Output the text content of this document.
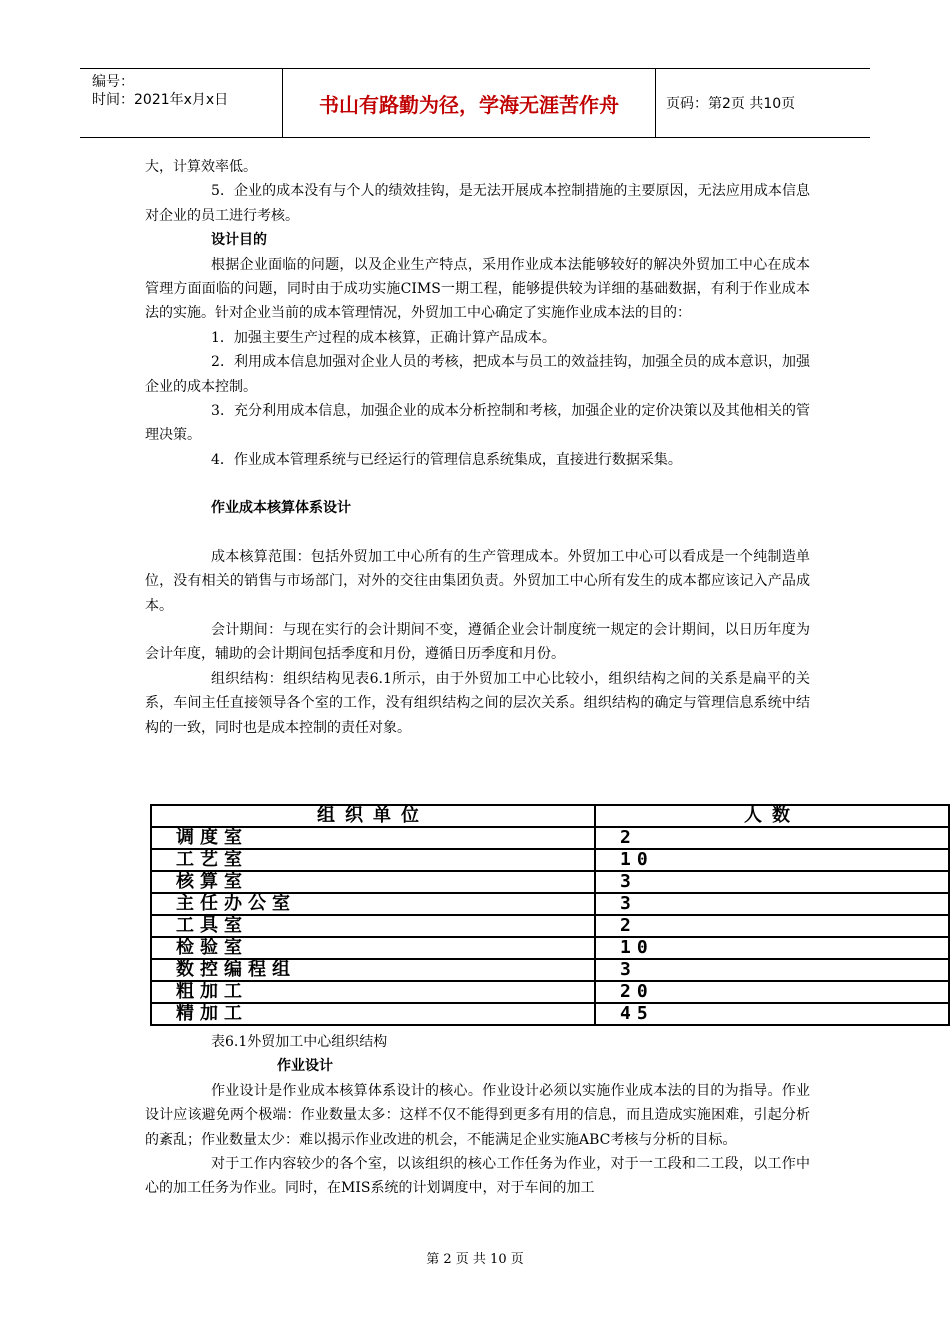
编号：
时间：2021年x月x日	书山有路勤为径，学海无涯苦作舟	页码：第2页 共10页

大，计算效率低。

5．企业的成本没有与个人的绩效挂钩，是无法开展成本控制措施的主要原因，无法应用成本信息对企业的员工进行考核。

设计目的

根据企业面临的问题，以及企业生产特点，采用作业成本法能够较好的解决外贸加工中心在成本管理方面面临的问题，同时由于成功实施CIMS一期工程，能够提供较为详细的基础数据，有利于作业成本法的实施。针对企业当前的成本管理情况，外贸加工中心确定了实施作业成本法的目的：

1．加强主要生产过程的成本核算，正确计算产品成本。

2．利用成本信息加强对企业人员的考核，把成本与员工的效益挂钩，加强全员的成本意识，加强企业的成本控制。

3．充分利用成本信息，加强企业的成本分析控制和考核，加强企业的定价决策以及其他相关的管理决策。

4．作业成本管理系统与已经运行的管理信息系统集成，直接进行数据采集。

作业成本核算体系设计

成本核算范围：包括外贸加工中心所有的生产管理成本。外贸加工中心可以看成是一个纯制造单位，没有相关的销售与市场部门，对外的交往由集团负责。外贸加工中心所有发生的成本都应该记入产品成本。

会计期间：与现在实行的会计期间不变，遵循企业会计制度统一规定的会计期间，以日历年度为会计年度，辅助的会计期间包括季度和月份，遵循日历季度和月份。

组织结构：组织结构见表6.1所示，由于外贸加工中心比较小，组织结构之间的关系是扁平的关系，车间主任直接领导各个室的工作，没有组织结构之间的层次关系。组织结构的确定与管理信息系统中结构的一致，同时也是成本控制的责任对象。

组织单位	人数
调度室	2
工艺室	10
核算室	3
主任办公室	3
工具室	2
检验室	10
数控编程组	3
粗加工	20
精加工	45

表6.1外贸加工中心组织结构

作业设计

作业设计是作业成本核算体系设计的核心。作业设计必须以实施作业成本法的目的为指导。作业设计应该避免两个极端：作业数量太多：这样不仅不能得到更多有用的信息，而且造成实施困难，引起分析的紊乱；作业数量太少：难以揭示作业改进的机会，不能满足企业实施ABC考核与分析的目标。

对于工作内容较少的各个室，以该组织的核心工作任务为作业，对于一工段和二工段，以工作中心的加工任务为作业。同时，在MIS系统的计划调度中，对于车间的加工

第 2 页 共 10 页
